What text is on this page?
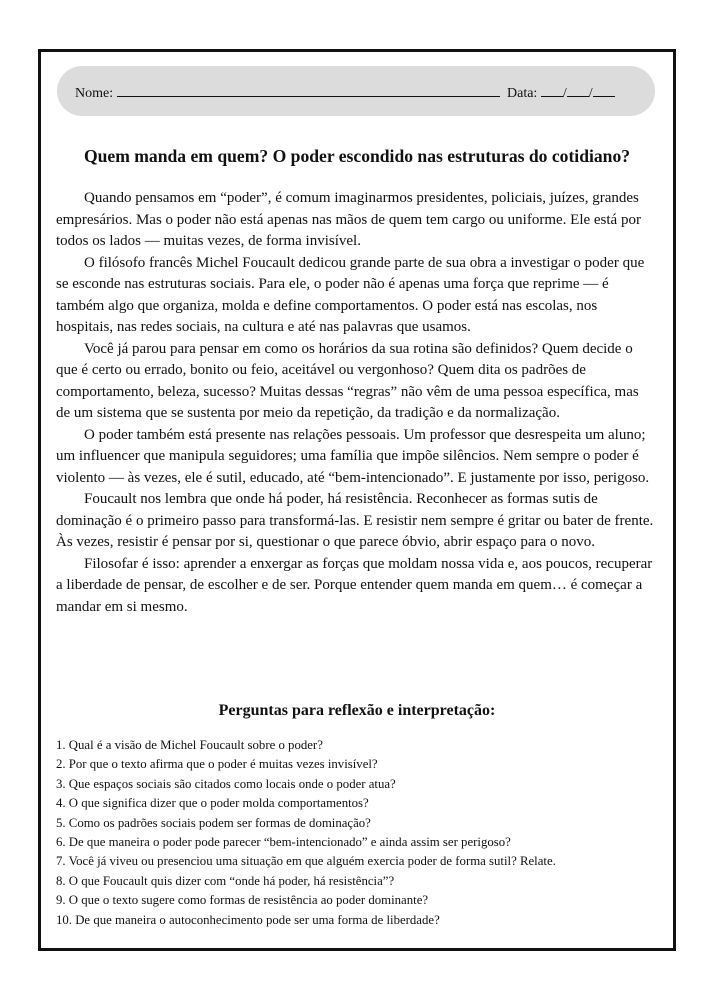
Nome:	Data: / /
Quem manda em quem? O poder escondido nas estruturas do cotidiano?

Quando pensamos em “poder”, é comum imaginarmos presidentes, policiais, juízes, grandes empresários. Mas o poder não está apenas nas mãos de quem tem cargo ou uniforme. Ele está por todos os lados — muitas vezes, de forma invisível.

O filósofo francês Michel Foucault dedicou grande parte de sua obra a investigar o poder que se esconde nas estruturas sociais. Para ele, o poder não é apenas uma força que reprime — é também algo que organiza, molda e define comportamentos. O poder está nas escolas, nos hospitais, nas redes sociais, na cultura e até nas palavras que usamos.

Você já parou para pensar em como os horários da sua rotina são definidos? Quem decide o que é certo ou errado, bonito ou feio, aceitável ou vergonhoso? Quem dita os padrões de comportamento, beleza, sucesso? Muitas dessas “regras” não vêm de uma pessoa específica, mas de um sistema que se sustenta por meio da repetição, da tradição e da normalização.

O poder também está presente nas relações pessoais. Um professor que desrespeita um aluno; um influencer que manipula seguidores; uma família que impõe silêncios. Nem sempre o poder é violento — às vezes, ele é sutil, educado, até “bem-intencionado”. E justamente por isso, perigoso.

Foucault nos lembra que onde há poder, há resistência. Reconhecer as formas sutis de dominação é o primeiro passo para transformá-las. E resistir nem sempre é gritar ou bater de frente. Às vezes, resistir é pensar por si, questionar o que parece óbvio, abrir espaço para o novo.

Filosofar é isso: aprender a enxergar as forças que moldam nossa vida e, aos poucos, recuperar a liberdade de pensar, de escolher e de ser. Porque entender quem manda em quem… é começar a mandar em si mesmo.

Perguntas para reflexão e interpretação:
1. Qual é a visão de Michel Foucault sobre o poder?
2. Por que o texto afirma que o poder é muitas vezes invisível?
3. Que espaços sociais são citados como locais onde o poder atua?
4. O que significa dizer que o poder molda comportamentos?
5. Como os padrões sociais podem ser formas de dominação?
6. De que maneira o poder pode parecer “bem-intencionado” e ainda assim ser perigoso?
7. Você já viveu ou presenciou uma situação em que alguém exercia poder de forma sutil? Relate.
8. O que Foucault quis dizer com “onde há poder, há resistência”?
9. O que o texto sugere como formas de resistência ao poder dominante?
10. De que maneira o autoconhecimento pode ser uma forma de liberdade?
